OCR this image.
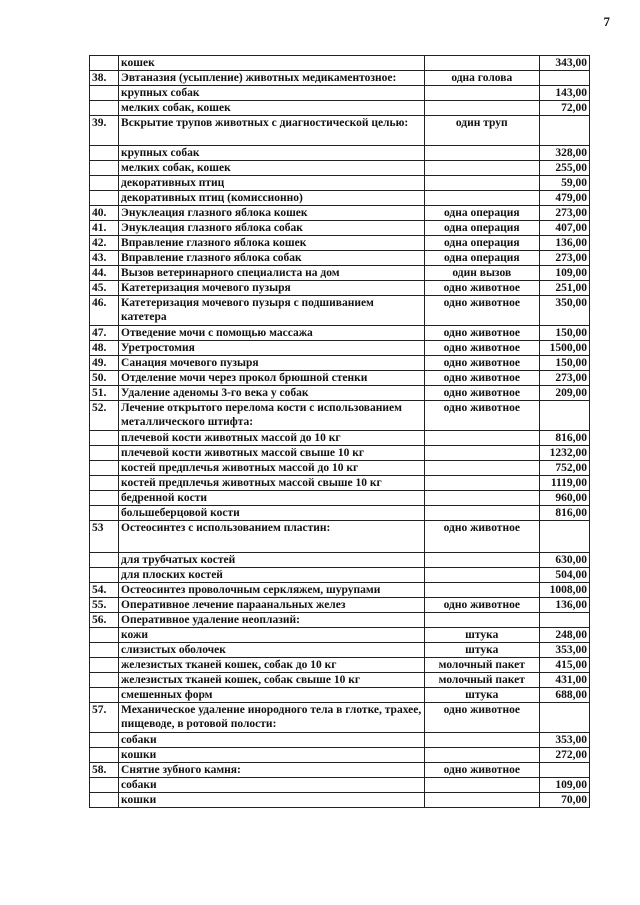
7
	кошек		343,00
38.	Эвтаназия (усыпление) животных медикаментозное:	одна голова	
	крупных собак		143,00
	мелких собак, кошек		72,00
39.	Вскрытие трупов животных с диагностической целью:	один труп	
	крупных собак		328,00
	мелких собак, кошек		255,00
	декоративных птиц		59,00
	декоративных птиц (комиссионно)		479,00
40.	Энуклеация глазного яблока кошек	одна операция	273,00
41.	Энуклеация глазного яблока собак	одна операция	407,00
42.	Вправление глазного яблока кошек	одна операция	136,00
43.	Вправление глазного яблока собак	одна операция	273,00
44.	Вызов ветеринарного специалиста на дом	один вызов	109,00
45.	Катетеризация мочевого пузыря	одно животное	251,00
46.	Катетеризация мочевого пузыря с подшиванием катетера	одно животное	350,00
47.	Отведение мочи с помощью массажа	одно животное	150,00
48.	Уретростомия	одно животное	1500,00
49.	Санация мочевого пузыря	одно животное	150,00
50.	Отделение мочи через прокол брюшной стенки	одно животное	273,00
51.	Удаление аденомы 3-го века у собак	одно животное	209,00
52.	Лечение открытого перелома кости с использованием металлического штифта:	одно животное	
	плечевой кости животных массой до 10 кг		816,00
	плечевой кости животных массой свыше 10 кг		1232,00
	костей предплечья животных массой до 10 кг		752,00
	костей предплечья животных массой свыше 10 кг		1119,00
	бедренной кости		960,00
	большеберцовой кости		816,00
53	Остеосинтез с использованием пластин:	одно животное	
	для трубчатых костей		630,00
	для плоских костей		504,00
54.	Остеосинтез проволочным серкляжем, шурупами		1008,00
55.	Оперативное лечение параанальных желез	одно животное	136,00
56.	Оперативное удаление неоплазий:		
	кожи	штука	248,00
	слизистых оболочек	штука	353,00
	железистых тканей кошек, собак до 10 кг	молочный пакет	415,00
	железистых тканей кошек, собак свыше 10 кг	молочный пакет	431,00
	смешенных форм	штука	688,00
57.	Механическое удаление инородного тела в глотке, трахее, пищеводе, в ротовой полости:	одно животное	
	собаки		353,00
	кошки		272,00
58.	Снятие зубного камня:	одно животное	
	собаки		109,00
	кошки		70,00
